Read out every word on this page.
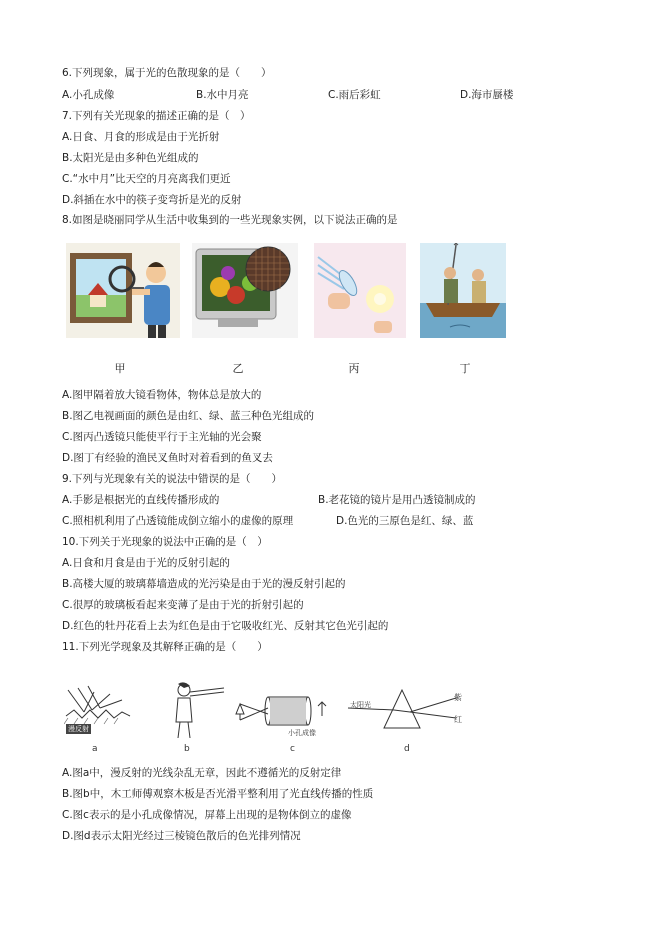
6.下列现象，属于光的色散现象的是（　　）
A.小孔成像	B.水中月亮	C.雨后彩虹	D.海市蜃楼
7.下列有关光现象的描述正确的是（　）
A.日食、月食的形成是由于光折射
B.太阳光是由多种色光组成的
C.“水中月”比天空的月亮离我们更近
D.斜插在水中的筷子变弯折是光的反射
8.如图是晓丽同学从生活中收集到的一些光现象实例，以下说法正确的是
甲	乙	丙	丁
A.图甲隔着放大镜看物体，物体总是放大的
B.图乙电视画面的颜色是由红、绿、蓝三种色光组成的
C.图丙凸透镜只能使平行于主光轴的光会聚
D.图丁有经验的渔民叉鱼时对着看到的鱼叉去
9.下列与光现象有关的说法中错误的是（　　）
A.手影是根据光的直线传播形成的	B.老花镜的镜片是用凸透镜制成的
C.照相机利用了凸透镜能成倒立缩小的虚像的原理	D.色光的三原色是红、绿、蓝
10.下列关于光现象的说法中正确的是（　）
A.日食和月食是由于光的反射引起的
B.高楼大厦的玻璃幕墙造成的光污染是由于光的漫反射引起的
C.很厚的玻璃板看起来变薄了是由于光的折射引起的
D.红色的牡丹花看上去为红色是由于它吸收红光、反射其它色光引起的
11.下列光学现象及其解释正确的是（　　）
漫反射
a	b
小孔成像
c
太阳光
紫
红
d
A.图a中，漫反射的光线杂乱无章，因此不遵循光的反射定律
B.图b中，木工师傅观察木板是否光滑平整利用了光直线传播的性质
C.图c表示的是小孔成像情况，屏幕上出现的是物体倒立的虚像
D.图d表示太阳光经过三棱镜色散后的色光排列情况
